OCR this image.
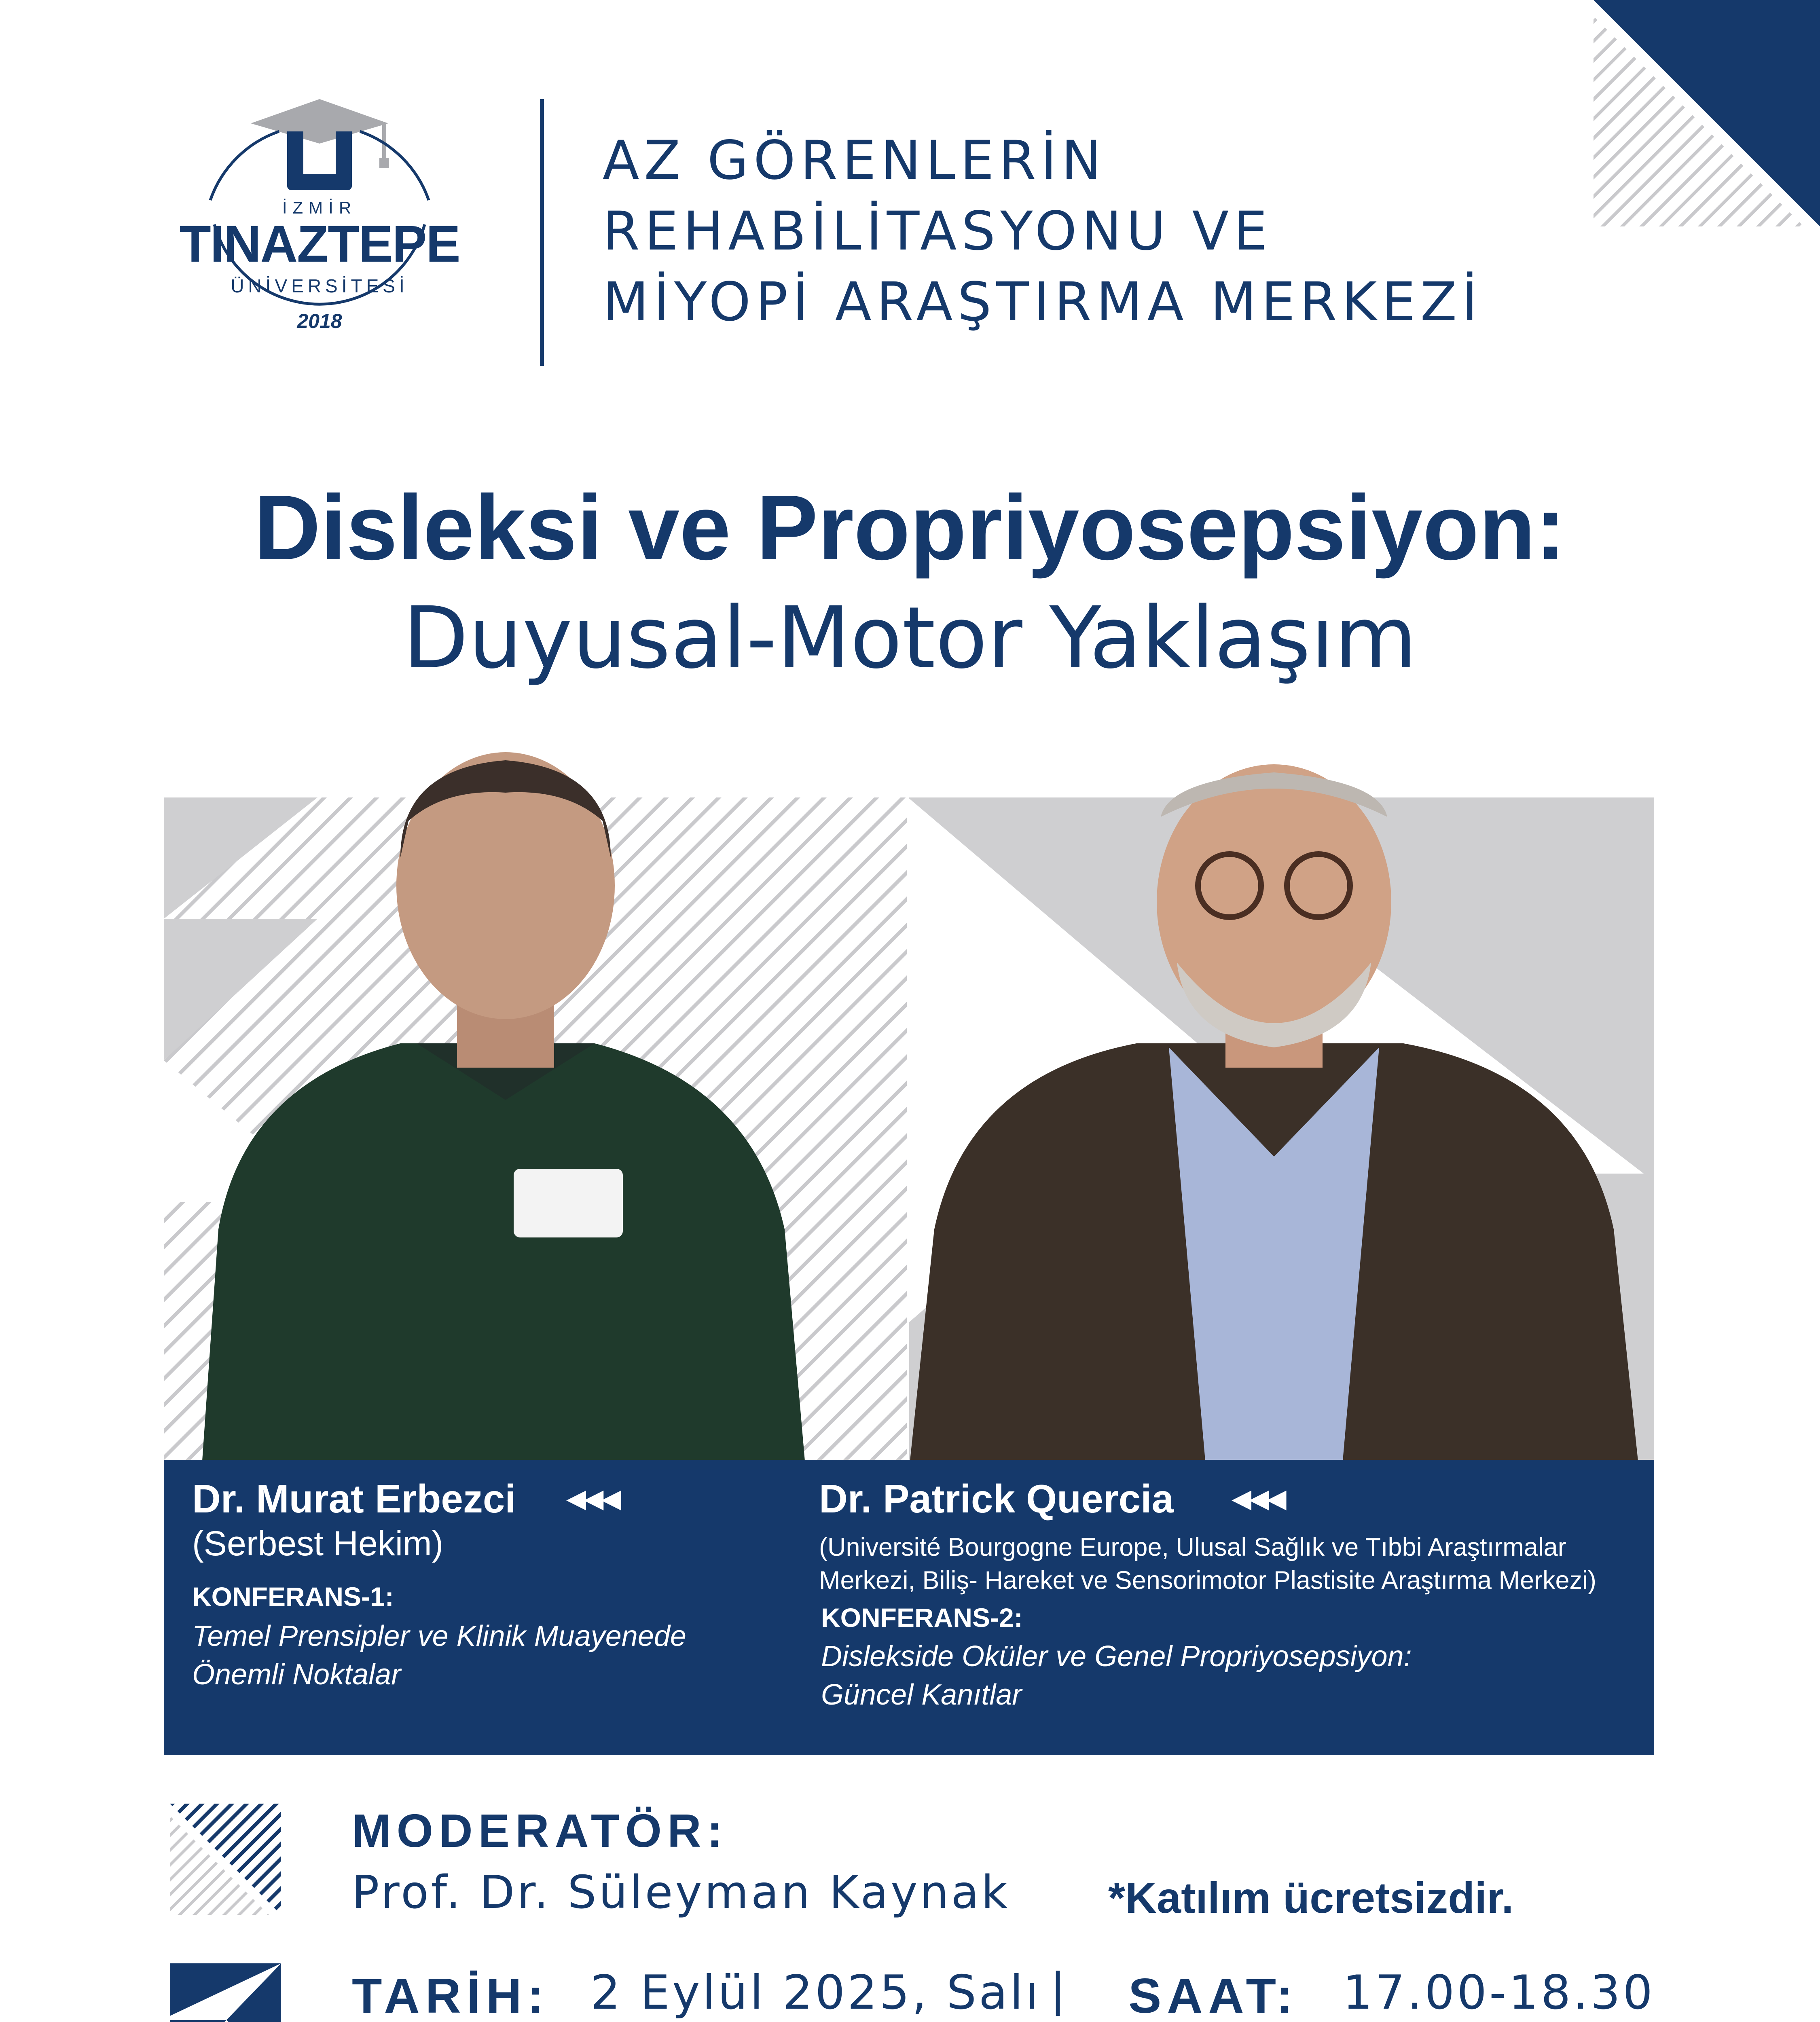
İZMİR
TINAZTEPE
ÜNİVERSİTESİ
2018
AZ GÖRENLERİN
REHABİLİTASYONU VE
MİYOPİ ARAŞTIRMA MERKEZİ
Disleksi ve Propriyosepsiyon:
Duyusal-Motor Yaklaşım
Dr. Murat Erbezci ◀◀◀
(Serbest Hekim)
KONFERANS-1:
Temel Prensipler ve Klinik Muayenede
Önemli Noktalar
Dr. Patrick Quercia ◀◀◀
(Université Bourgogne Europe, Ulusal Sağlık ve Tıbbi Araştırmalar
Merkezi, Biliş- Hareket ve Sensorimotor Plastisite Araştırma Merkezi)
KONFERANS-2:
Dislekside Oküler ve Genel Propriyosepsiyon:
Güncel Kanıtlar
MODERATÖR:
Prof. Dr. Süleyman Kaynak *Katılım ücretsizdir.
TARİH: 2 Eylül 2025, Salı | SAAT: 17.00-18.30
